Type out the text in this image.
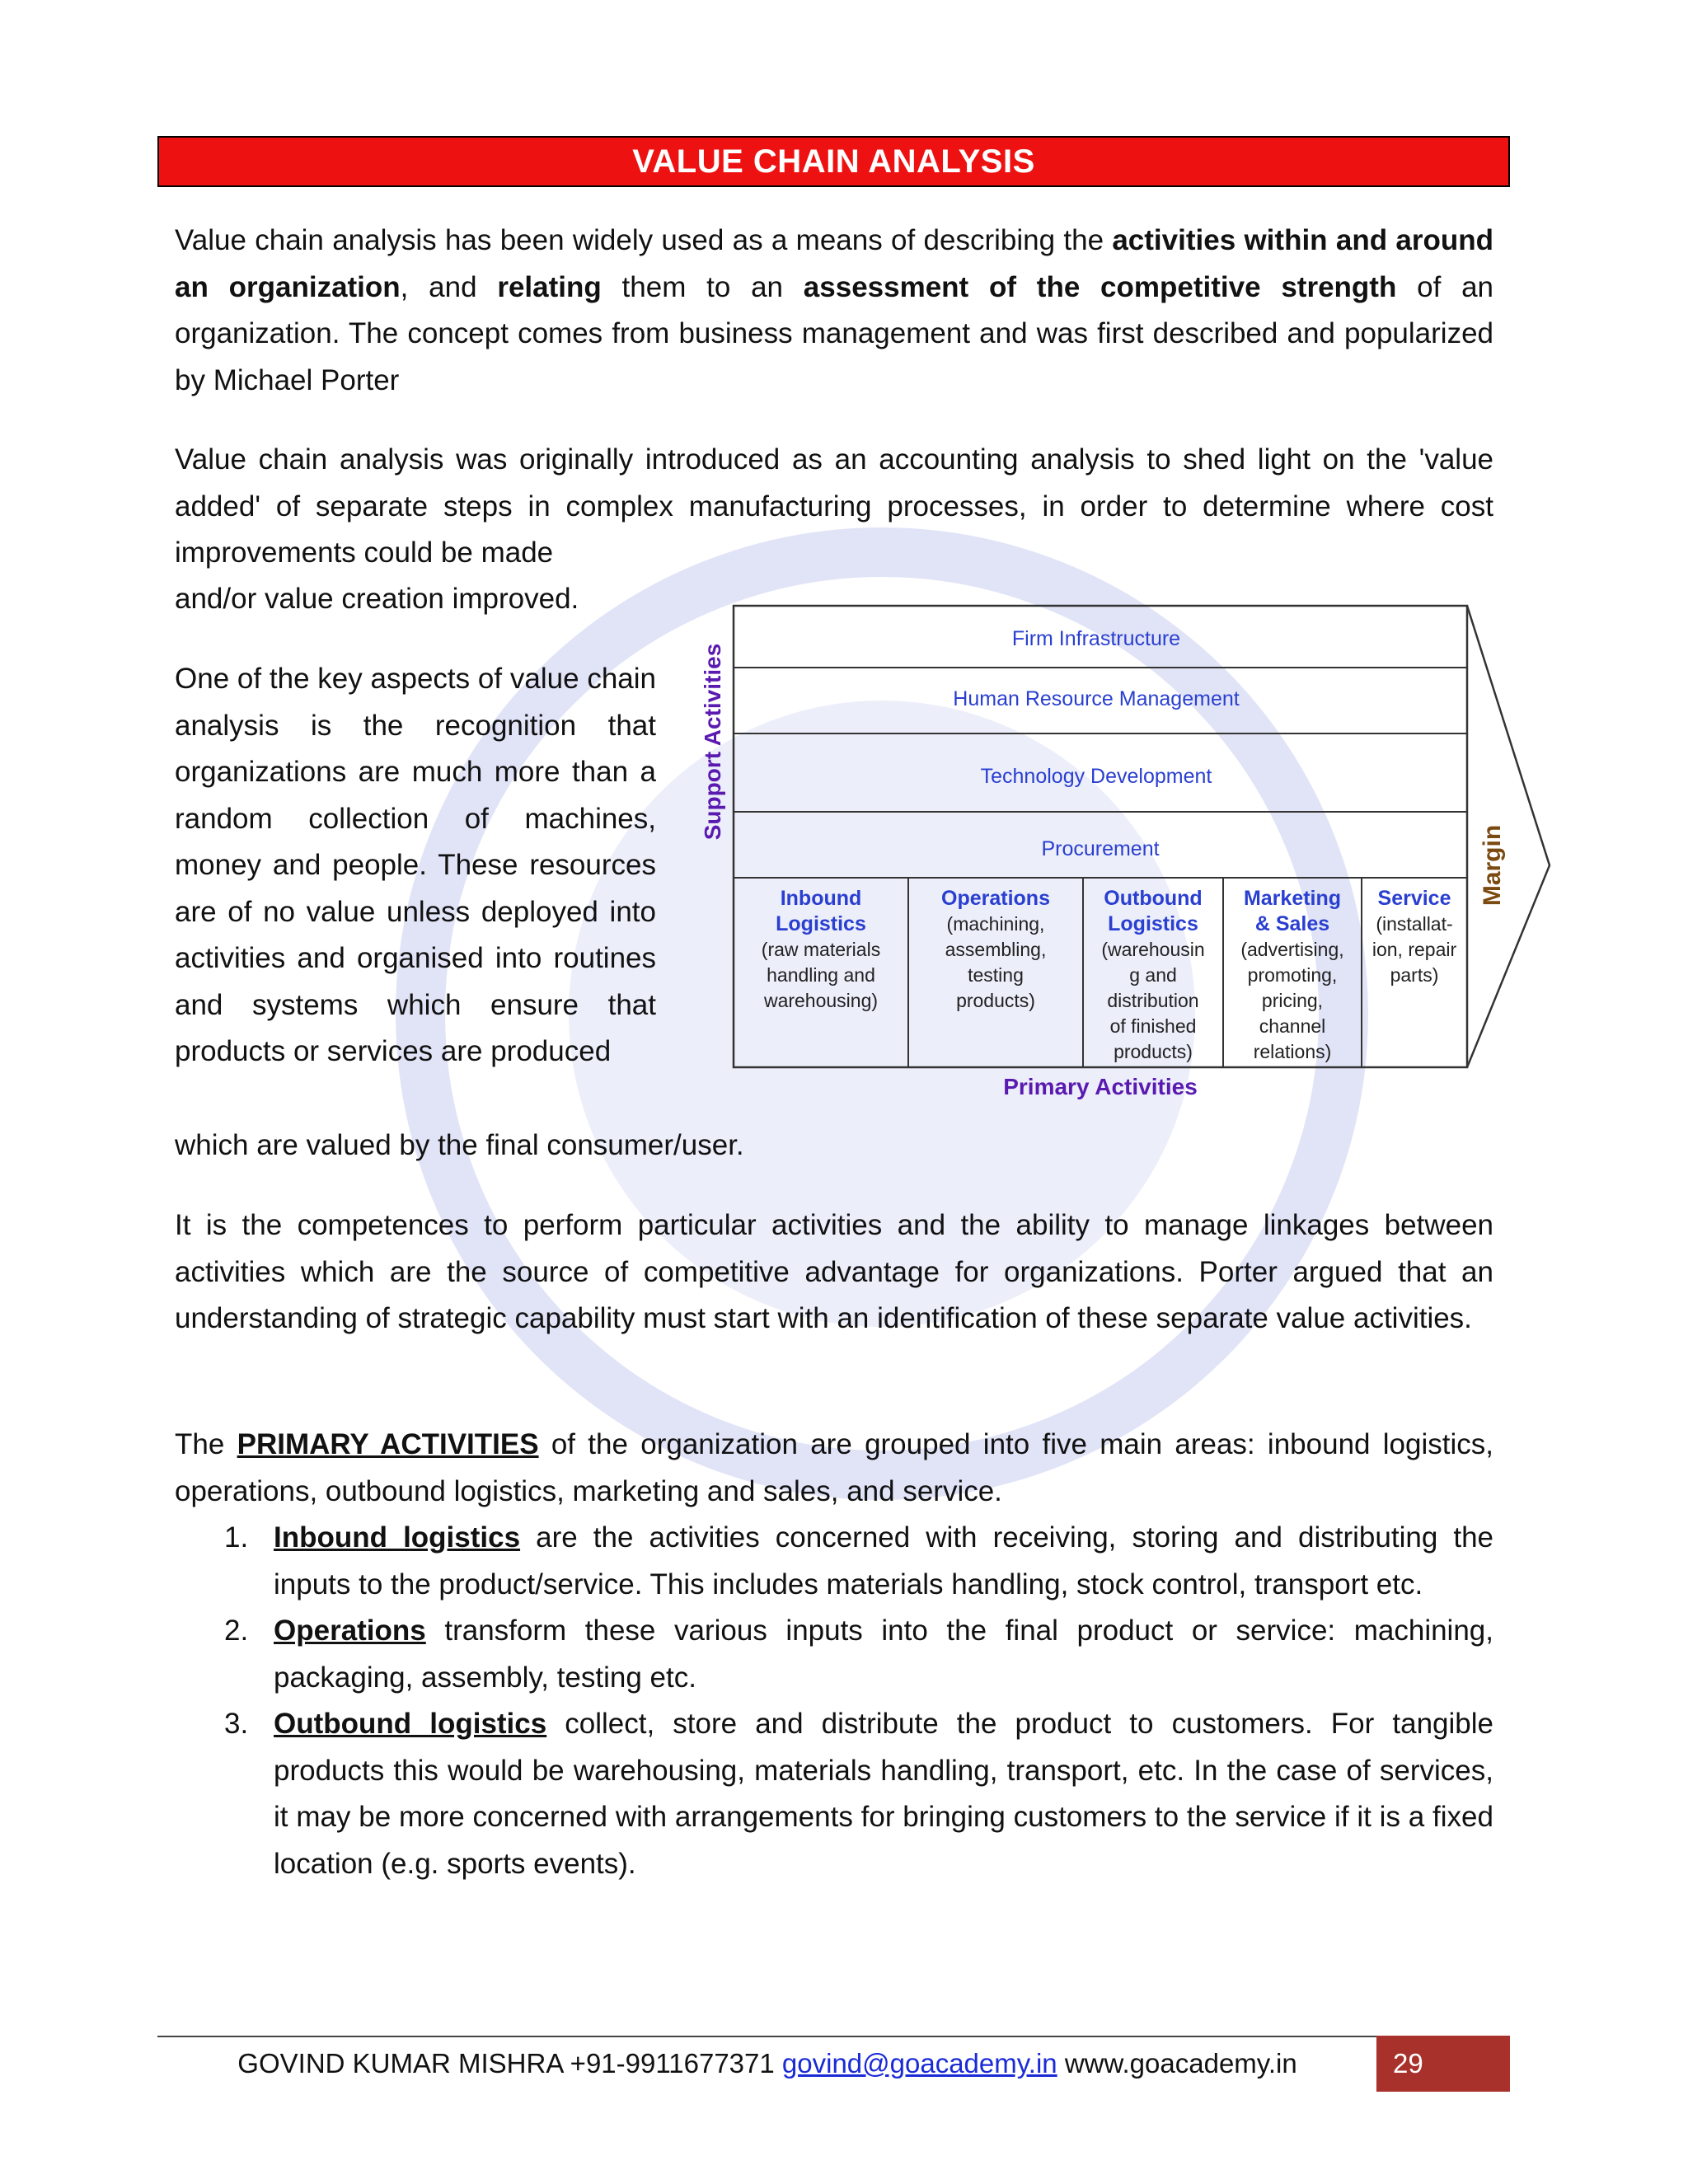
VALUE CHAIN ANALYSIS

Value chain analysis has been widely used as a means of describing the activities within and around an organization, and relating them to an assessment of the competitive strength of an organization. The concept comes from business management and was first described and popularized by Michael Porter

Value chain analysis was originally introduced as an accounting analysis to shed light on the 'value added' of separate steps in complex manufacturing processes, in order to determine where cost improvements could be made

and/or value creation improved.

One of the key aspects of value chain analysis is the recognition that organizations are much more than a random collection of machines, money and people. These resources are of no value unless deployed into activities and organised into routines and systems which ensure that products or services are produced

which are valued by the final consumer/user.

It is the competences to perform particular activities and the ability to manage linkages between activities which are the source of competitive advantage for organizations. Porter argued that an understanding of strategic capability must start with an identification of these separate value activities.

The PRIMARY ACTIVITIES of the organization are grouped into five main areas: inbound logistics, operations, outbound logistics, marketing and sales, and service.

1. Inbound logistics are the activities concerned with receiving, storing and distributing the inputs to the product/service. This includes materials handling, stock control, transport etc.
2. Operations transform these various inputs into the final product or service: machining, packaging, assembly, testing etc.
3. Outbound logistics collect, store and distribute the product to customers. For tangible products this would be warehousing, materials handling, transport, etc. In the case of services, it may be more concerned with arrangements for bringing customers to the service if it is a fixed location (e.g. sports events).
Firm Infrastructure
Human Resource Management
Technology Development
Procurement
Support Activities
Margin
Primary Activities
Inbound
Logistics
(raw materials
handling and
warehousing)
Operations
(machining,
assembling,
testing
products)
Outbound
Logistics
(warehousin
g and
distribution
of finished
products)
Marketing
& Sales
(advertising,
promoting,
pricing,
channel
relations)
Service
(installat-
ion, repair
parts)
GOVIND KUMAR MISHRA +91-9911677371
govind@goacademy.in
www.goacademy.in	29
